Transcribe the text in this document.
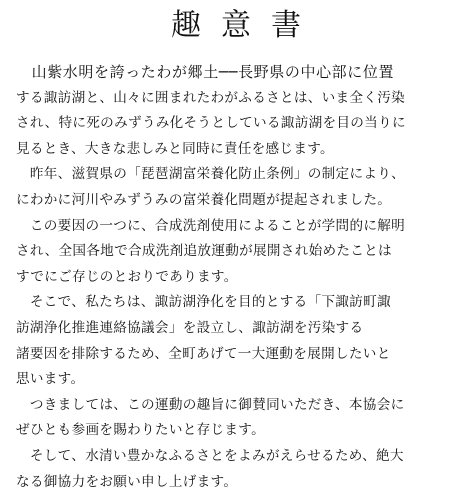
趣意書
　山紫水明を誇ったわが郷土──長野県の中心部に位置
する諏訪湖と、山々に囲まれたわがふるさとは、いま全く汚染
され、特に死のみずうみ化そうとしている諏訪湖を目の当りに
見るとき、大きな悲しみと同時に責任を感じます。
　昨年、滋賀県の「琵琶湖富栄養化防止条例」の制定により、
にわかに河川やみずうみの富栄養化問題が提起されました。
　この要因の一つに、合成洗剤使用によることが学問的に解明
され、全国各地で合成洗剤追放運動が展開され始めたことは
すでにご存じのとおりであります。
　そこで、私たちは、諏訪湖浄化を目的とする「下諏訪町諏
訪湖浄化推進連絡協議会」を設立し、諏訪湖を汚染する
諸要因を排除するため、全町あげて一大運動を展開したいと
思います。
　つきましては、この運動の趣旨に御賛同いただき、本協会に
ぜひとも参画を賜わりたいと存じます。
　そして、水清い豊かなふるさとをよみがえらせるため、絶大
なる御協力をお願い申し上げます。
